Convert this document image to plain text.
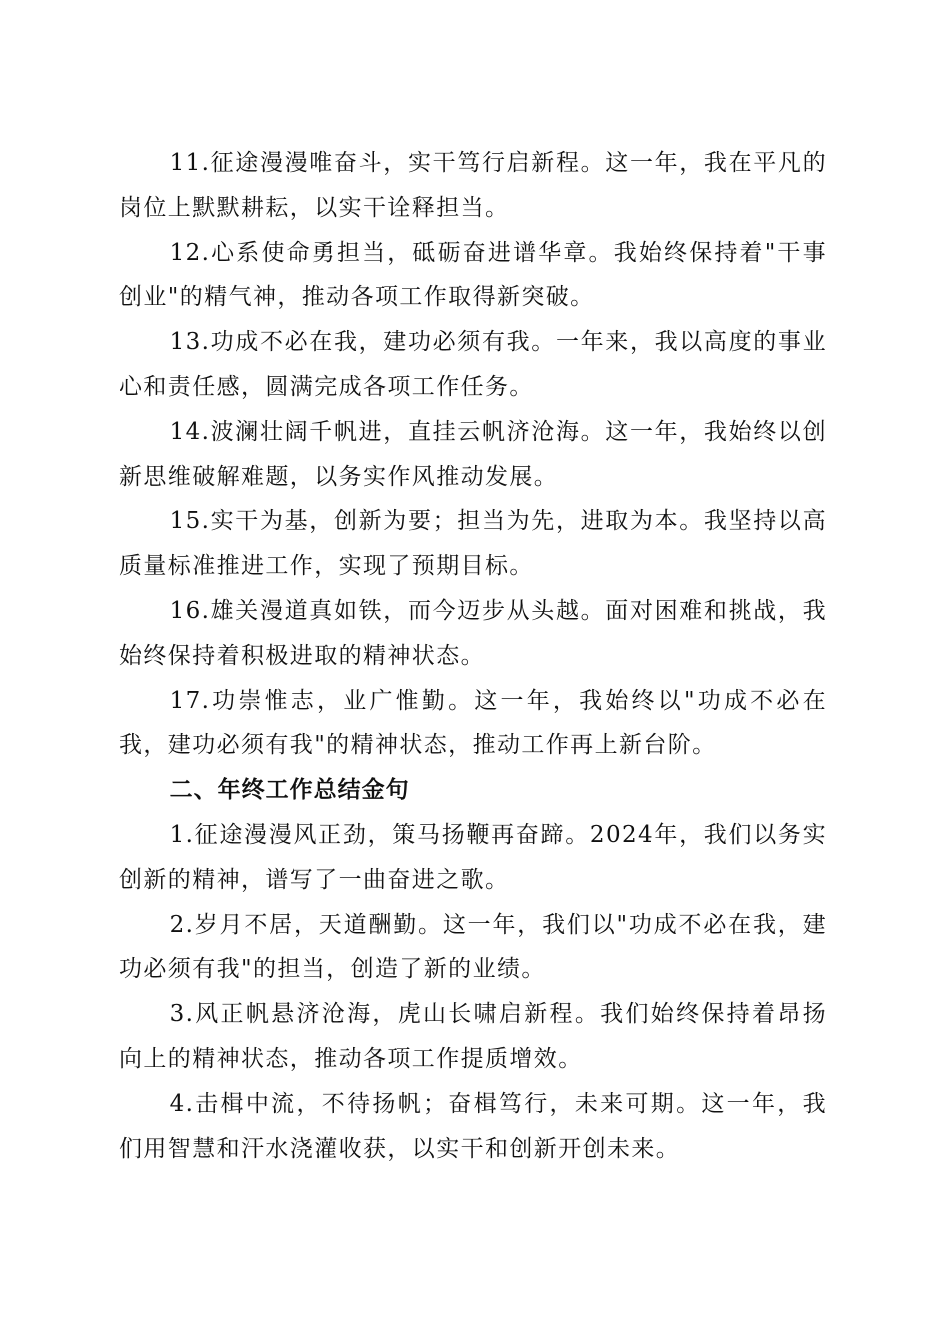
11.征途漫漫唯奋斗，实干笃行启新程。这一年，我在平凡的岗位上默默耕耘，以实干诠释担当。

12.心系使命勇担当，砥砺奋进谱华章。我始终保持着"干事创业"的精气神，推动各项工作取得新突破。

13.功成不必在我，建功必须有我。一年来，我以高度的事业心和责任感，圆满完成各项工作任务。

14.波澜壮阔千帆进，直挂云帆济沧海。这一年，我始终以创新思维破解难题，以务实作风推动发展。

15.实干为基，创新为要；担当为先，进取为本。我坚持以高质量标准推进工作，实现了预期目标。

16.雄关漫道真如铁，而今迈步从头越。面对困难和挑战，我始终保持着积极进取的精神状态。

17.功崇惟志，业广惟勤。这一年，我始终以"功成不必在我，建功必须有我"的精神状态，推动工作再上新台阶。

二、年终工作总结金句

1.征途漫漫风正劲，策马扬鞭再奋蹄。2024年，我们以务实创新的精神，谱写了一曲奋进之歌。

2.岁月不居，天道酬勤。这一年，我们以"功成不必在我，建功必须有我"的担当，创造了新的业绩。

3.风正帆悬济沧海，虎山长啸启新程。我们始终保持着昂扬向上的精神状态，推动各项工作提质增效。

4.击楫中流，不待扬帆；奋楫笃行，未来可期。这一年，我们用智慧和汗水浇灌收获，以实干和创新开创未来。
